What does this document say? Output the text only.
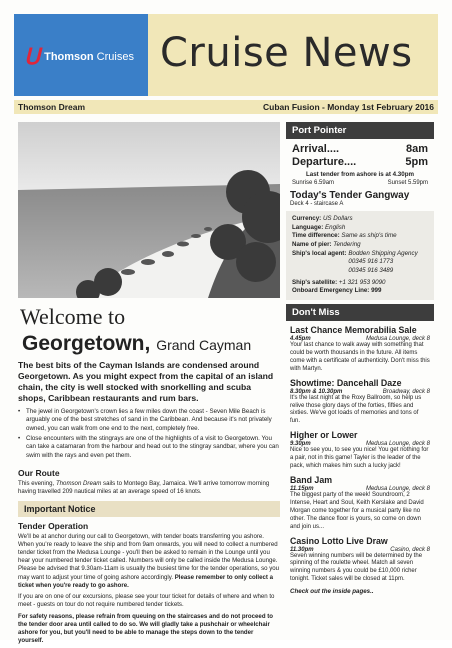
ᑌ Thomson Cruises Cruise News
Thomson Dream	Cuban Fusion - Monday 1st February 2016
Welcome to
Georgetown, Grand Cayman

The best bits of the Cayman Islands are condensed around Georgetown. As you might expect from the capital of an island chain, the city is well stocked with snorkelling and scuba shops, Caribbean restaurants and rum bars.

• The jewel in Georgetown's crown lies a few miles down the coast - Seven Mile Beach is arguably one of the best stretches of sand in the Caribbean. And because it's not privately owned, you can walk from one end to the next, completely free.

• Close encounters with the stingrays are one of the highlights of a visit to Georgetown. You can take a catamaran from the harbour and head out to the stingray sandbar, where you can swim with the rays and even pet them.

Our Route

This evening, Thomson Dream sails to Montego Bay, Jamaica. We'll arrive tomorrow morning having travelled 209 nautical miles at an average speed of 16 knots.

Important Notice
Tender Operation

We'll be at anchor during our call to Georgetown, with tender boats transferring you ashore. When you're ready to leave the ship and from 9am onwards, you will need to collect a numbered tender ticket from the Medusa Lounge - you'll then be asked to remain in the Lounge until you hear your numbered tender ticket called. Numbers will only be called inside the Medusa Lounge. Please be advised that 9.30am-11am is usually the busiest time for the tender operations, so you may want to adjust your time of going ashore accordingly. Please remember to only collect a ticket when you're ready to go ashore.

If you are on one of our excursions, please see your tour ticket for details of where and when to meet - guests on tour do not require numbered tender tickets.

For safety reasons, please refrain from queuing on the staircases and do not proceed to the tender door area until called to do so. We will gladly take a pushchair or wheelchair ashore for you, but you'll need to be able to manage the steps down to the tender yourself.

Port Pointer
Arrival....	8am
Departure....	5pm
Last tender from ashore is at 4.30pm
Sunrise 6.59am	Sunset 5.59pm
Today's Tender Gangway
Deck 4 - staircase A
Currency: US Dollars
Language: English
Time difference: Same as ship's time
Name of pier: Tendering
Ship's local agent: Bodden Shipping Agency
00345 916 1773
00345 916 3489
Ship's satellite: +1 321 953 9090
Onboard Emergency Line: 999
Don't Miss
Last Chance Memorabilia Sale
4.45pm	Medusa Lounge, deck 8
Your last chance to walk away with something that could be worth thousands in the future. All items come with a certificate of authenticity. Don't miss this with Martyn.
Showtime: Dancehall Daze
8.30pm & 10.30pm	Broadway, deck 8
It's the last night at the Roxy Ballroom, so help us relive those glory days of the forties, fifties and sixties. We've got loads of memories and tons of fun.
Higher or Lower
9.30pm	Medusa Lounge, deck 8
Nice to see you, to see you nice! You get nothing for a pair, not in this game! Tayler is the leader of the pack, which makes him such a lucky jack!
Band Jam
11.15pm	Medusa Lounge, deck 8
The biggest party of the week! Soundroom, 2 Intense, Heart and Soul, Keith Kerslake and David Morgan come together for a musical party like no other. The dance floor is yours, so come on down and join us...
Casino Lotto Live Draw
11.30pm	Casino, deck 8
Seven winning numbers will be determined by the spinning of the roulette wheel. Match all seven winning numbers & you could be £10,000 richer tonight. Ticket sales will be closed at 11pm.
Check out the inside pages..
